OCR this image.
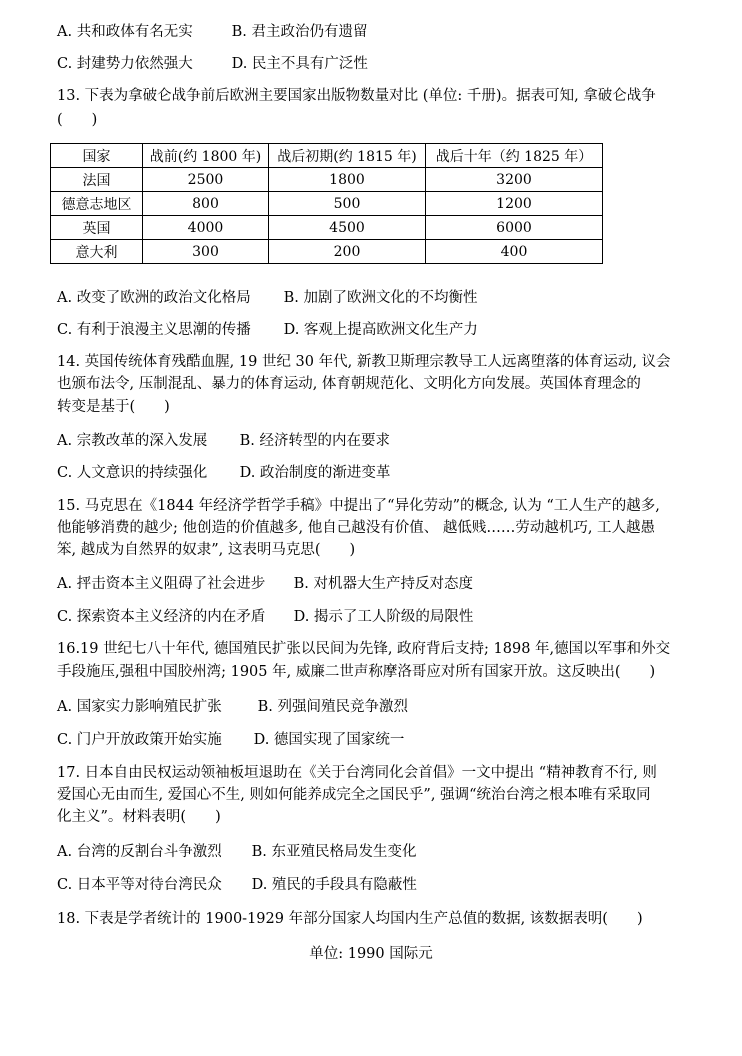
A. 共和政体有名无实	B. 君主政治仍有遗留
C. 封建势力依然强大	D. 民主不具有广泛性
13. 下表为拿破仑战争前后欧洲主要国家出版物数量对比 (单位: 千册)。据表可知, 拿破仑战争
(　　)
国家	战前(约 1800 年)	战后初期(约 1815 年)	战后十年（约 1825 年）
法国	2500	1800	3200
德意志地区	800	500	1200
英国	4000	4500	6000
意大利	300	200	400
A. 改变了欧洲的政治文化格局 B. 加剧了欧洲文化的不均衡性
C. 有利于浪漫主义思潮的传播 D. 客观上提高欧洲文化生产力
14. 英国传统体育残酷血腥, 19 世纪 30 年代, 新教卫斯理宗教导工人远离堕落的体育运动, 议会
也颁布法令, 压制混乱、暴力的体育运动, 体育朝规范化、文明化方向发展。英国体育理念的
转变是基于(　　)
A. 宗教改革的深入发展 B. 经济转型的内在要求
C. 人文意识的持续强化 D. 政治制度的渐进变革
15. 马克思在《1844 年经济学哲学手稿》中提出了“异化劳动”的概念, 认为 “工人生产的越多,
他能够消费的越少; 他创造的价值越多, 他自己越没有价值、 越低贱……劳动越机巧, 工人越愚
笨, 越成为自然界的奴隶”, 这表明马克思(　　)
A. 抨击资本主义阻碍了社会进步 B. 对机器大生产持反对态度
C. 探索资本主义经济的内在矛盾 D. 揭示了工人阶级的局限性
16.19 世纪七八十年代, 德国殖民扩张以民间为先锋, 政府背后支持; 1898 年,德国以军事和外交
手段施压,强租中国胶州湾; 1905 年, 威廉二世声称摩洛哥应对所有国家开放。这反映出(　　)
A. 国家实力影响殖民扩张 B. 列强间殖民竞争激烈
C. 门户开放政策开始实施 D. 德国实现了国家统一
17. 日本自由民权运动领袖板垣退助在《关于台湾同化会首倡》一文中提出 “精神教育不行, 则
爱国心无由而生, 爱国心不生, 则如何能养成完全之国民乎”, 强调“统治台湾之根本唯有采取同
化主义”。材料表明(　　)
A. 台湾的反割台斗争激烈 B. 东亚殖民格局发生变化
C. 日本平等对待台湾民众 D. 殖民的手段具有隐蔽性
18. 下表是学者统计的 1900-1929 年部分国家人均国内生产总值的数据, 该数据表明(　　)
单位: 1990 国际元
